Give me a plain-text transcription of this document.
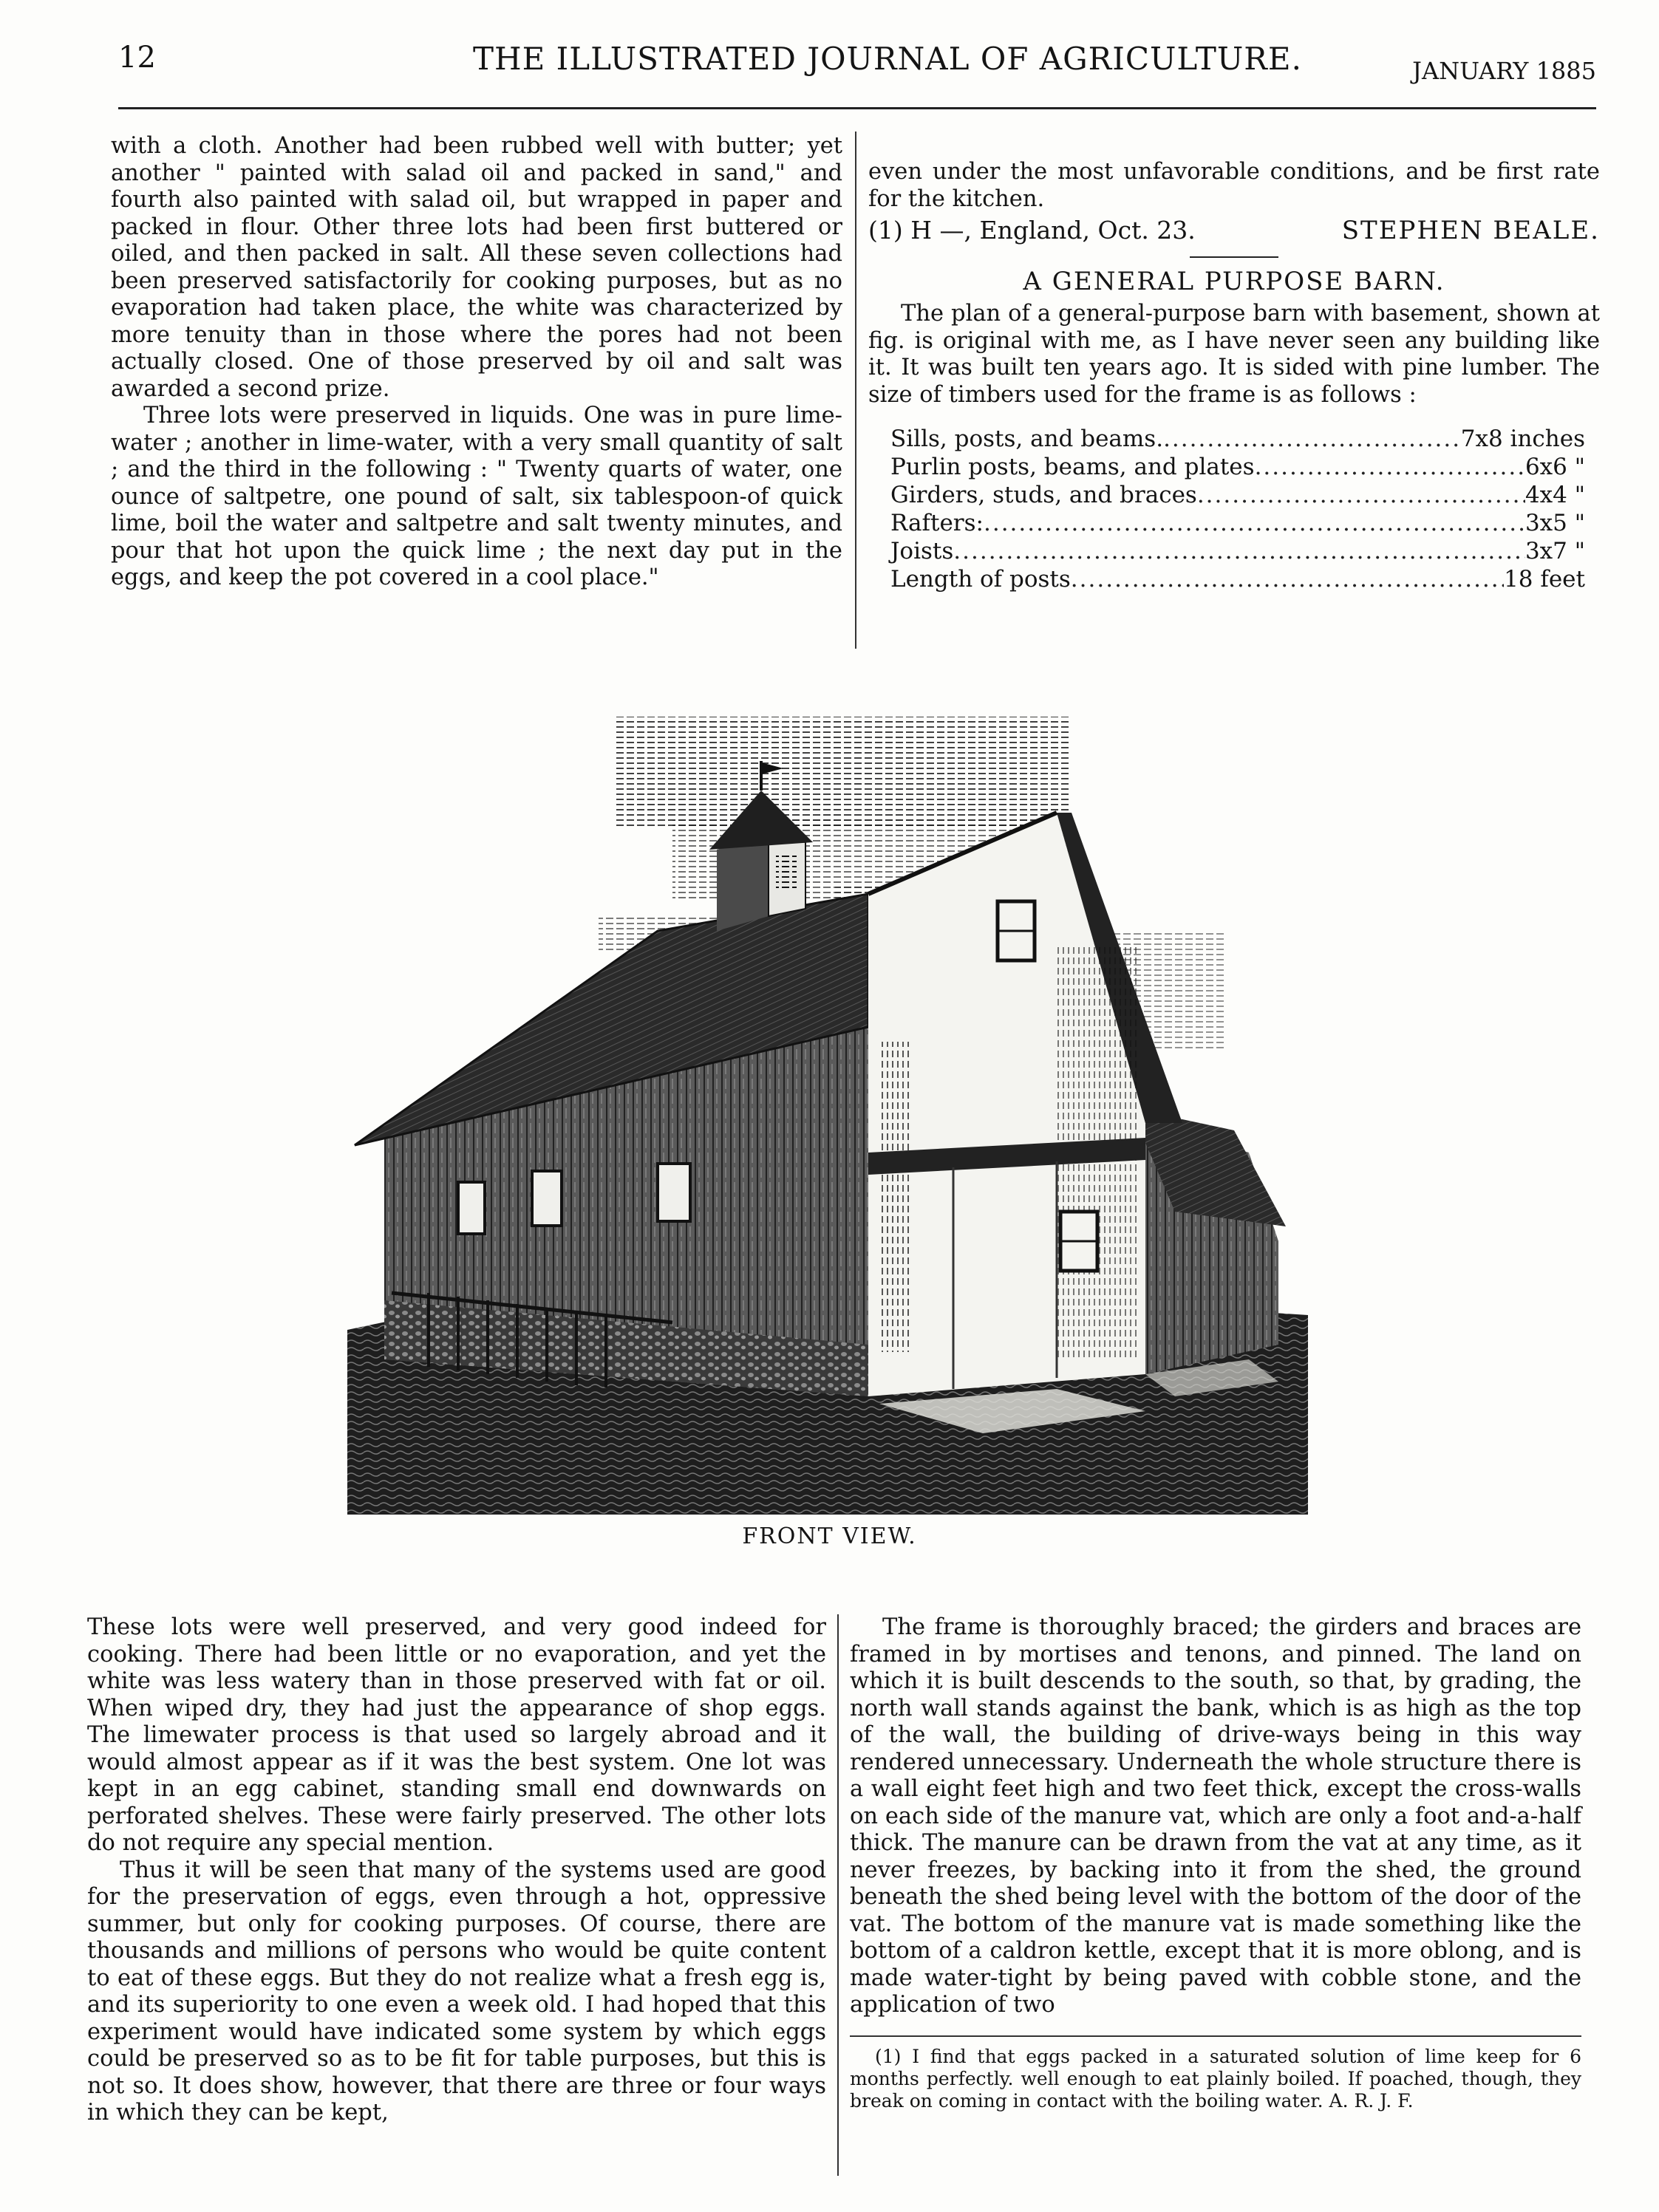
12	THE ILLUSTRATED JOURNAL OF AGRICULTURE.	JANUARY 1885

with a cloth. Another had been rubbed well with butter; yet another " painted with salad oil and packed in sand," and fourth also painted with salad oil, but wrapped in paper and packed in flour. Other three lots had been first buttered or oiled, and then packed in salt. All these seven collections had been preserved satisfactorily for cooking purposes, but as no evaporation had taken place, the white was characterized by more tenuity than in those where the pores had not been actually closed. One of those preserved by oil and salt was awarded a second prize.

Three lots were preserved in liquids. One was in pure lime-water ; another in lime-water, with a very small quantity of salt ; and the third in the following : " Twenty quarts of water, one ounce of saltpetre, one pound of salt, six tablespoon-of quick lime, boil the water and saltpetre and salt twenty minutes, and pour that hot upon the quick lime ; the next day put in the eggs, and keep the pot covered in a cool place."

even under the most unfavorable conditions, and be first rate for the kitchen.

(1) H —, England, Oct. 23.	STEPHEN BEALE.
A GENERAL PURPOSE BARN.

The plan of a general-purpose barn with basement, shown at fig. is original with me, as I have never seen any building like it. It was built ten years ago. It is sided with pine lumber. The size of timbers used for the frame is as follows :

Sills, posts, and beams. .....	7x8 inches
Purlin posts, beams, and plates .....	6x6 "
Girders, studs, and braces .....	4x4 "
Rafters: .....	3x5 "
Joists .....	3x7 "
Length of posts .....	18 feet
FRONT VIEW.

These lots were well preserved, and very good indeed for cooking. There had been little or no evaporation, and yet the white was less watery than in those preserved with fat or oil. When wiped dry, they had just the appearance of shop eggs. The limewater process is that used so largely abroad and it would almost appear as if it was the best system. One lot was kept in an egg cabinet, standing small end downwards on perforated shelves. These were fairly preserved. The other lots do not require any special mention.

Thus it will be seen that many of the systems used are good for the preservation of eggs, even through a hot, oppressive summer, but only for cooking purposes. Of course, there are thousands and millions of persons who would be quite content to eat of these eggs. But they do not realize what a fresh egg is, and its superiority to one even a week old. I had hoped that this experiment would have indicated some system by which eggs could be preserved so as to be fit for table purposes, but this is not so. It does show, however, that there are three or four ways in which they can be kept,

The frame is thoroughly braced; the girders and braces are framed in by mortises and tenons, and pinned. The land on which it is built descends to the south, so that, by grading, the north wall stands against the bank, which is as high as the top of the wall, the building of drive-ways being in this way rendered unnecessary. Underneath the whole structure there is a wall eight feet high and two feet thick, except the cross-walls on each side of the manure vat, which are only a foot and-a-half thick. The manure can be drawn from the vat at any time, as it never freezes, by backing into it from the shed, the ground beneath the shed being level with the bottom of the door of the vat. The bottom of the manure vat is made something like the bottom of a caldron kettle, except that it is more oblong, and is made water-tight by being paved with cobble stone, and the application of two

(1) I find that eggs packed in a saturated solution of lime keep for 6 months perfectly. well enough to eat plainly boiled. If poached, though, they break on coming in contact with the boiling water. A. R. J. F.
